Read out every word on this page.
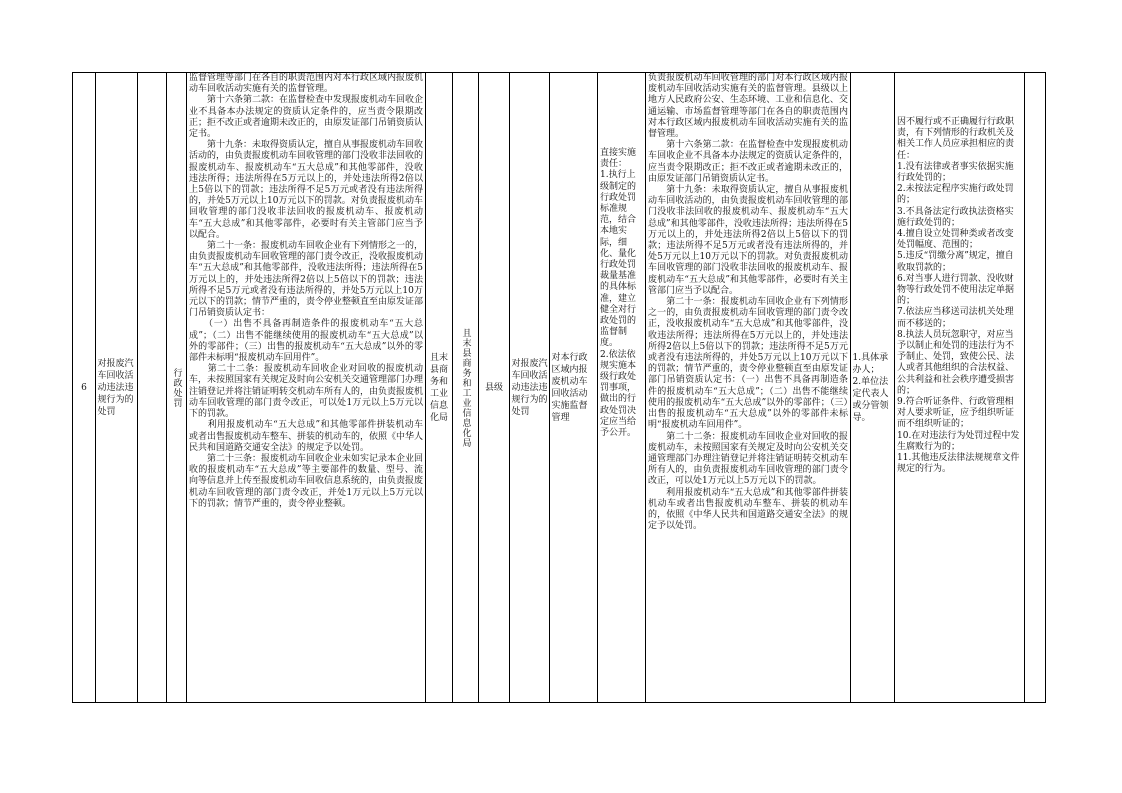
6
对报废汽车回收活动违法违规行为的处罚
行政处罚
监督管理等部门在各自的职责范围内对本行政区域内报废机动车回收活动实施有关的监督管理。
　　第十六条第二款：在监督检查中发现报废机动车回收企业不具备本办法规定的资质认定条件的，应当责令限期改正；拒不改正或者逾期未改正的，由原发证部门吊销资质认定书。
　　第十九条：未取得资质认定，擅自从事报废机动车回收活动的，由负责报废机动车回收管理的部门没收非法回收的报废机动车、报废机动车“五大总成”和其他零部件，没收违法所得；违法所得在5万元以上的，并处违法所得2倍以上5倍以下的罚款；违法所得不足5万元或者没有违法所得的，并处5万元以上10万元以下的罚款。对负责报废机动车回收管理的部门没收非法回收的报废机动车、报废机动车“五大总成”和其他零部件，必要时有关主管部门应当予以配合。
　　第二十一条：报废机动车回收企业有下列情形之一的，由负责报废机动车回收管理的部门责令改正，没收报废机动车“五大总成”和其他零部件，没收违法所得；违法所得在5万元以上的，并处违法所得2倍以上5倍以下的罚款；违法所得不足5万元或者没有违法所得的，并处5万元以上10万元以下的罚款；情节严重的，责令停业整顿直至由原发证部门吊销资质认定书：
　　（一）出售不具备再制造条件的报废机动车“五大总成”；（二）出售不能继续使用的报废机动车“五大总成”以外的零部件；（三）出售的报废机动车“五大总成”以外的零部件未标明“报废机动车回用件”。
　　第二十二条：报废机动车回收企业对回收的报废机动车，未按照国家有关规定及时向公安机关交通管理部门办理注销登记并将注销证明转交机动车所有人的，由负责报废机动车回收管理的部门责令改正，可以处1万元以上5万元以下的罚款。
　　利用报废机动车“五大总成”和其他零部件拼装机动车或者出售报废机动车整车、拼装的机动车的，依照《中华人民共和国道路交通安全法》的规定予以处罚。
　　第二十三条：报废机动车回收企业未如实记录本企业回收的报废机动车“五大总成”等主要部件的数量、型号、流向等信息并上传至报废机动车回收信息系统的，由负责报废机动车回收管理的部门责令改正，并处1万元以上5万元以下的罚款；情节严重的，责令停业整顿。
且末县商务和工业信息化局 且末县商务和工业信息化局 县级
对报废汽车回收活动违法违规行为的处罚
对本行政区域内报废机动车回收活动实施监督管理
直接实施责任：
1.执行上级制定的行政处罚标准规范，结合本地实际，细化、量化行政处罚裁量基准的具体标准，建立健全对行政处罚的监督制度。
2.依法依规实施本级行政处罚事项，做出的行政处罚决定应当给予公开。
负责报废机动车回收管理的部门对本行政区域内报废机动车回收活动实施有关的监督管理。县级以上地方人民政府公安、生态环境、工业和信息化、交通运输、市场监督管理等部门在各自的职责范围内对本行政区域内报废机动车回收活动实施有关的监督管理。
　　第十六条第二款：在监督检查中发现报废机动车回收企业不具备本办法规定的资质认定条件的，应当责令限期改正；拒不改正或者逾期未改正的，由原发证部门吊销资质认定书。
　　第十九条：未取得资质认定，擅自从事报废机动车回收活动的，由负责报废机动车回收管理的部门没收非法回收的报废机动车、报废机动车“五大总成”和其他零部件，没收违法所得；违法所得在5万元以上的，并处违法所得2倍以上5倍以下的罚款；违法所得不足5万元或者没有违法所得的，并处5万元以上10万元以下的罚款。对负责报废机动车回收管理的部门没收非法回收的报废机动车、报废机动车“五大总成”和其他零部件，必要时有关主管部门应当予以配合。
　　第二十一条：报废机动车回收企业有下列情形之一的，由负责报废机动车回收管理的部门责令改正，没收报废机动车“五大总成”和其他零部件，没收违法所得；违法所得在5万元以上的，并处违法所得2倍以上5倍以下的罚款；违法所得不足5万元或者没有违法所得的，并处5万元以上10万元以下的罚款；情节严重的，责令停业整顿直至由原发证部门吊销资质认定书：（一）出售不具备再制造条件的报废机动车“五大总成”；（二）出售不能继续使用的报废机动车“五大总成”以外的零部件；（三）出售的报废机动车“五大总成”以外的零部件未标明“报废机动车回用件”。
　　第二十二条：报废机动车回收企业对回收的报废机动车，未按照国家有关规定及时向公安机关交通管理部门办理注销登记并将注销证明转交机动车所有人的，由负责报废机动车回收管理的部门责令改正，可以处1万元以上5万元以下的罚款。
　　利用报废机动车“五大总成”和其他零部件拼装机动车或者出售报废机动车整车、拼装的机动车的，依照《中华人民共和国道路交通安全法》的规定予以处罚。
1.具体承办人；
2.单位法定代表人或分管领导。
因不履行或不正确履行行政职责，有下列情形的行政机关及相关工作人员应承担相应的责任：
1.没有法律或者事实依据实施行政处罚的；
2.未按法定程序实施行政处罚的；
3.不具备法定行政执法资格实施行政处罚的；
4.擅自设立处罚种类或者改变处罚幅度、范围的；
5.违反“罚缴分离”规定，擅自收取罚款的；
6.对当事人进行罚款、没收财物等行政处罚不使用法定单据的；
7.依法应当移送司法机关处理而不移送的；
8.执法人员玩忽职守，对应当予以制止和处罚的违法行为不予制止、处罚，致使公民、法人或者其他组织的合法权益、公共利益和社会秩序遭受损害的；
9.符合听证条件、行政管理相对人要求听证，应予组织听证而不组织听证的；
10.在对违法行为处罚过程中发生腐败行为的；
11.其他违反法律法规规章文件规定的行为。
